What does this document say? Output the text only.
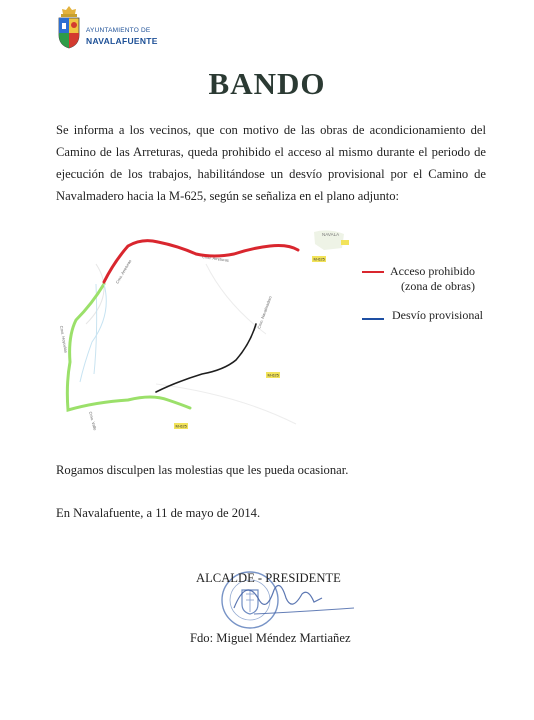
AYUNTAMIENTO DE
NAVALAFUENTE
BANDO
Se informa a los vecinos, que con motivo de las obras de acondicionamiento del Camino de las Arreturas, queda prohibido el acceso al mismo durante el periodo de ejecución de los trabajos, habilitándose un desvío provisional por el Camino de Navalmadero hacia la M-625, según se señaliza en el plano adjunto:
NAVALA
M-625
M-625
M-625
Cmo. Arreturas
Cmo. Arreturas
Cmo. Navalmadero
Cmo. Hoyuelas
Cmo. Valle
Acceso prohibido
(zona de obras)
Desvío provisional
Rogamos disculpen las molestias que les pueda ocasionar.
En Navalafuente, a 11 de mayo de 2014.
ALCALDE - PRESIDENTE
Fdo: Miguel Méndez Martiañez
